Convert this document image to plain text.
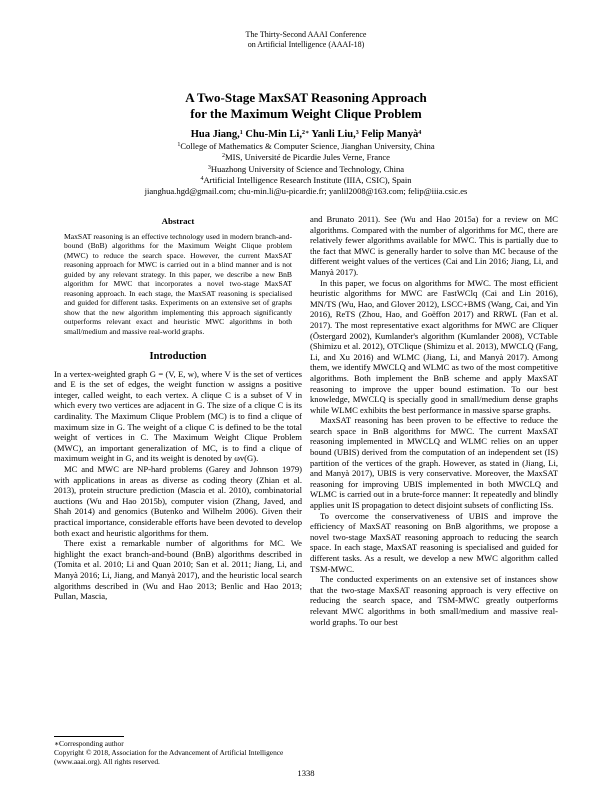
The Thirty-Second AAAI Conference
on Artificial Intelligence (AAAI-18)
A Two-Stage MaxSAT Reasoning Approach
for the Maximum Weight Clique Problem
Hua Jiang,$^1$ Chu-Min Li,$^{2∗}$ Yanli Liu,$^3$ Felip Manyà$^4$
$^1$College of Mathematics & Computer Science, Jianghan University, China
$^2$MIS, Université de Picardie Jules Verne, France
$^3$Huazhong University of Science and Technology, China
$^4$Artificial Intelligence Research Institute (IIIA, CSIC), Spain
jianghua.hgd@gmail.com; chu-min.li@u-picardie.fr; yanlil2008@163.com; felip@iiia.csic.es
Abstract

MaxSAT reasoning is an effective technology used in modern branch-and-bound (BnB) algorithms for the Maximum Weight Clique problem (MWC) to reduce the search space. However, the current MaxSAT reasoning approach for MWC is carried out in a blind manner and is not guided by any relevant strategy. In this paper, we describe a new BnB algorithm for MWC that incorporates a novel two-stage MaxSAT reasoning approach. In each stage, the MaxSAT reasoning is specialised and guided for different tasks. Experiments on an extensive set of graphs show that the new algorithm implementing this approach significantly outperforms relevant exact and heuristic MWC algorithms in both small/medium and massive real-world graphs.

Introduction

In a vertex-weighted graph G = (V, E, w), where V is the set of vertices and E is the set of edges, the weight function w assigns a positive integer, called weight, to each vertex. A clique C is a subset of V in which every two vertices are adjacent in G. The size of a clique C is its cardinality. The Maximum Clique Problem (MC) is to find a clique of maximum size in G. The weight of a clique C is defined to be the total weight of vertices in C. The Maximum Weight Clique Problem (MWC), an important generalization of MC, is to find a clique of maximum weight in G, and its weight is denoted by ωv(G).

MC and MWC are NP-hard problems (Garey and Johnson 1979) with applications in areas as diverse as coding theory (Zhian et al. 2013), protein structure prediction (Mascia et al. 2010), combinatorial auctions (Wu and Hao 2015b), computer vision (Zhang, Javed, and Shah 2014) and genomics (Butenko and Wilhelm 2006). Given their practical importance, considerable efforts have been devoted to develop both exact and heuristic algorithms for them.

There exist a remarkable number of algorithms for MC. We highlight the exact branch-and-bound (BnB) algorithms described in (Tomita et al. 2010; Li and Quan 2010; San et al. 2011; Jiang, Li, and Manyà 2016; Li, Jiang, and Manyà 2017), and the heuristic local search algorithms described in (Wu and Hao 2013; Benlic and Hao 2013; Pullan, Mascia,

and Brunato 2011). See (Wu and Hao 2015a) for a review on MC algorithms. Compared with the number of algorithms for MC, there are relatively fewer algorithms available for MWC. This is partially due to the fact that MWC is generally harder to solve than MC because of the different weight values of the vertices (Cai and Lin 2016; Jiang, Li, and Manyà 2017).

In this paper, we focus on algorithms for MWC. The most efficient heuristic algorithms for MWC are FastWClq (Cai and Lin 2016), MN/TS (Wu, Hao, and Glover 2012), LSCC+BMS (Wang, Cai, and Yin 2016), ReTS (Zhou, Hao, and Goëffon 2017) and RRWL (Fan et al. 2017). The most representative exact algorithms for MWC are Cliquer (Östergard 2002), Kumlander's algorithm (Kumlander 2008), VCTable (Shimizu et al. 2012), OTClique (Shimizu et al. 2013), MWCLQ (Fang, Li, and Xu 2016) and WLMC (Jiang, Li, and Manyà 2017). Among them, we identify MWCLQ and WLMC as two of the most competitive algorithms. Both implement the BnB scheme and apply MaxSAT reasoning to improve the upper bound estimation. To our best knowledge, MWCLQ is specially good in small/medium dense graphs while WLMC exhibits the best performance in massive sparse graphs.

MaxSAT reasoning has been proven to be effective to reduce the search space in BnB algorithms for MWC. The current MaxSAT reasoning implemented in MWCLQ and WLMC relies on an upper bound (UBIS) derived from the computation of an independent set (IS) partition of the vertices of the graph. However, as stated in (Jiang, Li, and Manyà 2017), UBIS is very conservative. Moreover, the MaxSAT reasoning for improving UBIS implemented in both MWCLQ and WLMC is carried out in a brute-force manner: It repeatedly and blindly applies unit IS propagation to detect disjoint subsets of conflicting ISs.

To overcome the conservativeness of UBIS and improve the efficiency of MaxSAT reasoning on BnB algorithms, we propose a novel two-stage MaxSAT reasoning approach to reducing the search space. In each stage, MaxSAT reasoning is specialised and guided for different tasks. As a result, we develop a new MWC algorithm called TSM-MWC.

The conducted experiments on an extensive set of instances show that the two-stage MaxSAT reasoning approach is very effective on reducing the search space, and TSM-MWC greatly outperforms relevant MWC algorithms in both small/medium and massive real-world graphs. To our best

∗Corresponding author
Copyright © 2018, Association for the Advancement of Artificial Intelligence (www.aaai.org). All rights reserved.
1338
